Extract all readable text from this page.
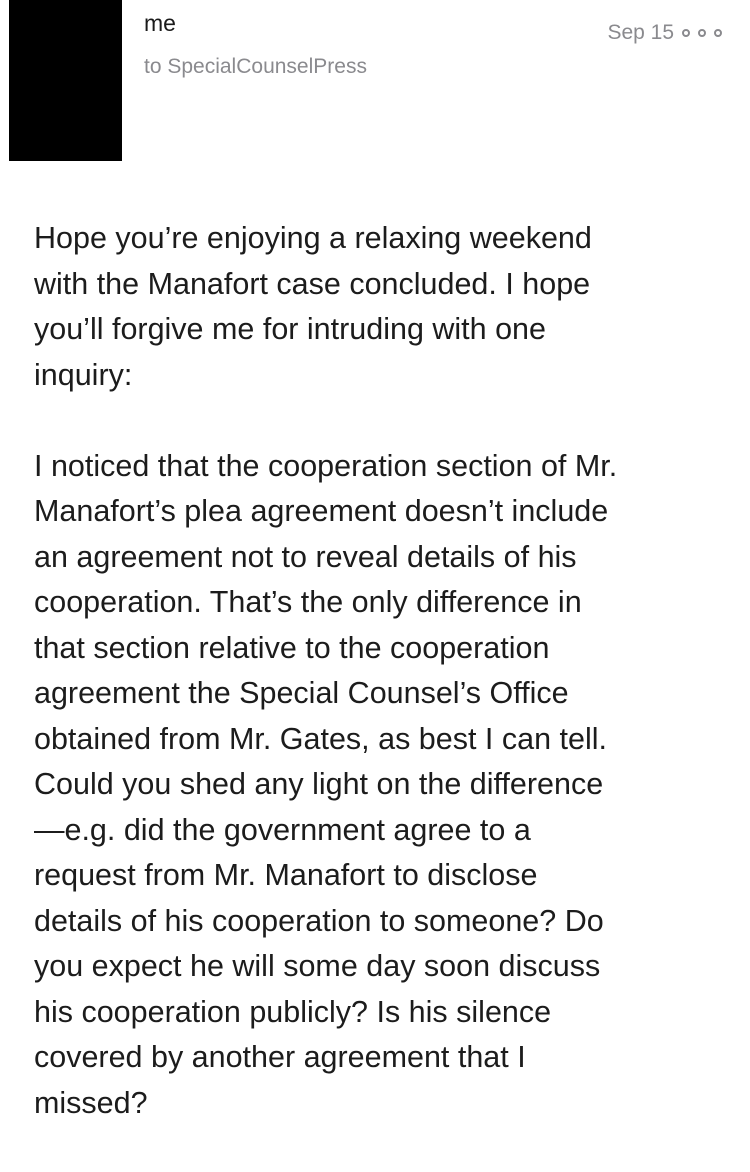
me
to SpecialCounselPress
Sep 15

Hope you’re enjoying a relaxing weekend
with the Manafort case concluded. I hope
you’ll forgive me for intruding with one
inquiry:

I noticed that the cooperation section of Mr.
Manafort’s plea agreement doesn’t include
an agreement not to reveal details of his
cooperation. That’s the only difference in
that section relative to the cooperation
agreement the Special Counsel’s Office
obtained from Mr. Gates, as best I can tell.
Could you shed any light on the difference
—e.g. did the government agree to a
request from Mr. Manafort to disclose
details of his cooperation to someone? Do
you expect he will some day soon discuss
his cooperation publicly? Is his silence
covered by another agreement that I
missed?
